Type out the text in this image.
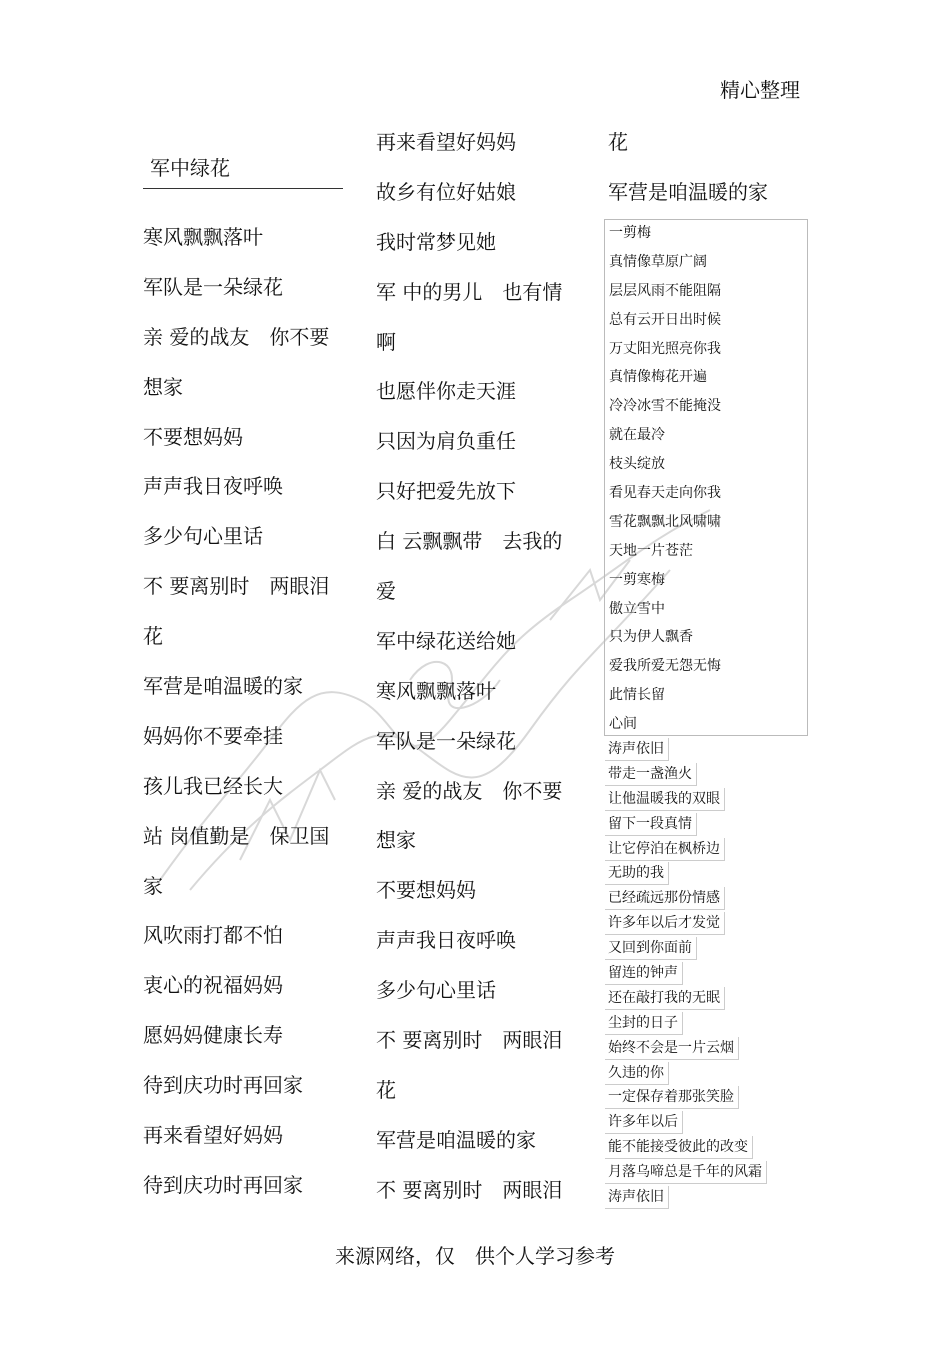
精心整理
军中绿花
寒风飘飘落叶
军队是一朵绿花
亲 爱的战友　你不要
想家
不要想妈妈
声声我日夜呼唤
多少句心里话
不 要离别时　两眼泪
花
军营是咱温暖的家
妈妈你不要牵挂
孩儿我已经长大
站 岗值勤是　保卫国
家
风吹雨打都不怕
衷心的祝福妈妈
愿妈妈健康长寿
待到庆功时再回家
再来看望好妈妈
待到庆功时再回家
再来看望好妈妈
故乡有位好姑娘
我时常梦见她
军 中的男儿　也有情
啊
也愿伴你走天涯
只因为肩负重任
只好把爱先放下
白 云飘飘带　去我的
爱
军中绿花送给她
寒风飘飘落叶
军队是一朵绿花
亲 爱的战友　你不要
想家
不要想妈妈
声声我日夜呼唤
多少句心里话
不 要离别时　两眼泪
花
军营是咱温暖的家
不 要离别时　两眼泪
花
军营是咱温暖的家
一剪梅
真情像草原广阔
层层风雨不能阻隔
总有云开日出时候
万丈阳光照亮你我
真情像梅花开遍
冷冷冰雪不能掩没
就在最冷
枝头绽放
看见春天走向你我
雪花飘飘北风啸啸
天地一片苍茫
一剪寒梅
傲立雪中
只为伊人飘香
爱我所爱无怨无悔
此情长留
心间
涛声依旧
带走一盏渔火
让他温暖我的双眼
留下一段真情
让它停泊在枫桥边
无助的我
已经疏远那份情感
许多年以后才发觉
又回到你面前
留连的钟声
还在敲打我的无眠
尘封的日子
始终不会是一片云烟
久违的你
一定保存着那张笑脸
许多年以后
能不能接受彼此的改变
月落乌啼总是千年的风霜
涛声依旧
来源网络，仅　供个人学习参考
